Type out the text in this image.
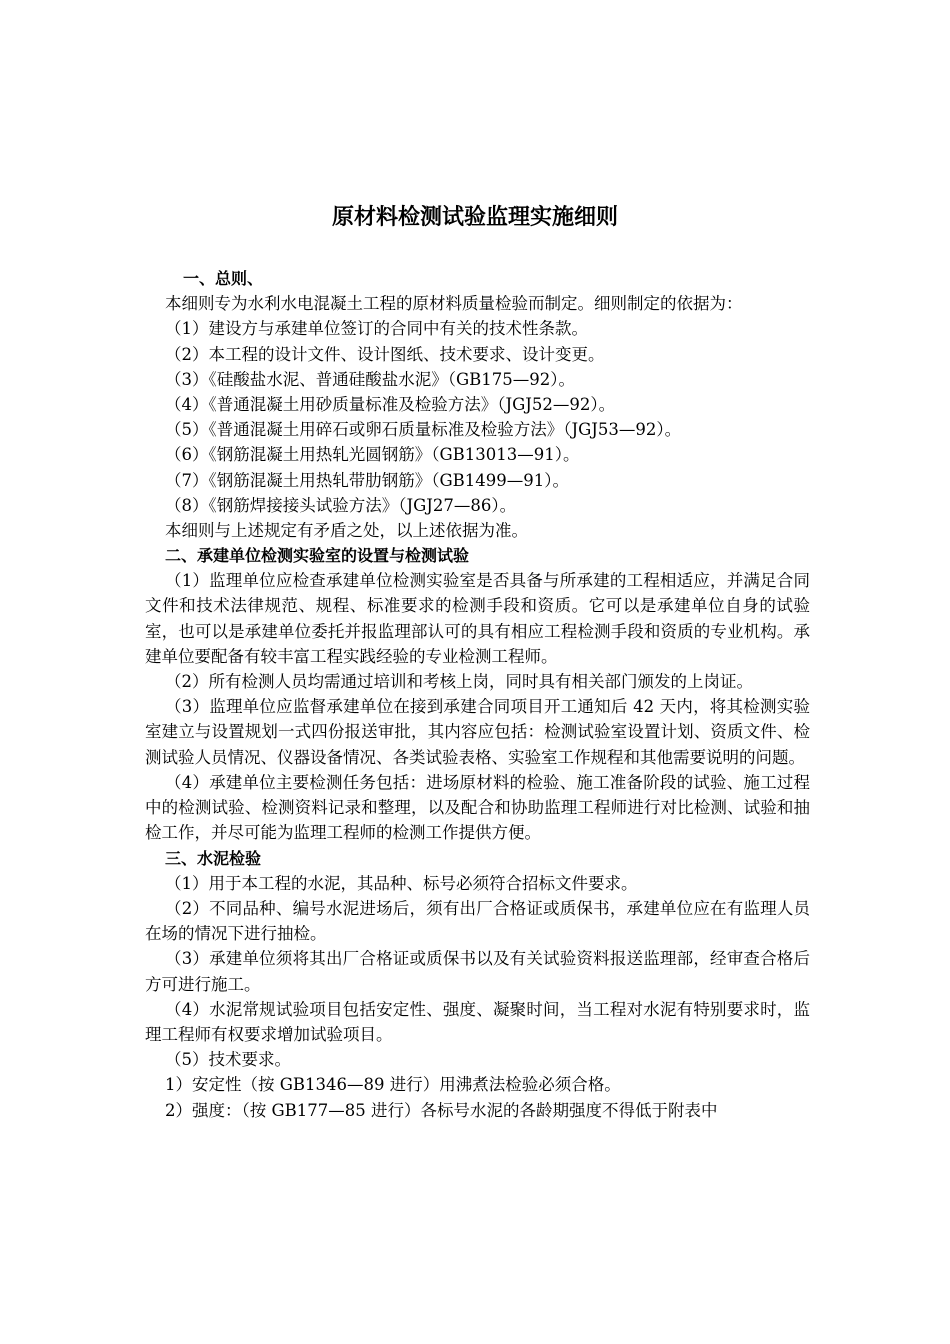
原材料检测试验监理实施细则

一、总则、

本细则专为水利水电混凝土工程的原材料质量检验而制定。细则制定的依据为：

（1）建设方与承建单位签订的合同中有关的技术性条款。

（2）本工程的设计文件、设计图纸、技术要求、设计变更。

（3）《硅酸盐水泥、普通硅酸盐水泥》（GB175—92）。

（4）《普通混凝土用砂质量标准及检验方法》（JGJ52—92）。

（5）《普通混凝土用碎石或卵石质量标准及检验方法》（JGJ53—92）。

（6）《钢筋混凝土用热轧光圆钢筋》（GB13013—91）。

（7）《钢筋混凝土用热轧带肋钢筋》（GB1499—91）。

（8）《钢筋焊接接头试验方法》（JGJ27—86）。

本细则与上述规定有矛盾之处，以上述依据为准。

二、承建单位检测实验室的设置与检测试验

（1）监理单位应检查承建单位检测实验室是否具备与所承建的工程相适应，并满足合同文件和技术法律规范、规程、标准要求的检测手段和资质。它可以是承建单位自身的试验室，也可以是承建单位委托并报监理部认可的具有相应工程检测手段和资质的专业机构。承建单位要配备有较丰富工程实践经验的专业检测工程师。

（2）所有检测人员均需通过培训和考核上岗，同时具有相关部门颁发的上岗证。

（3）监理单位应监督承建单位在接到承建合同项目开工通知后 42 天内，将其检测实验室建立与设置规划一式四份报送审批，其内容应包括：检测试验室设置计划、资质文件、检测试验人员情况、仪器设备情况、各类试验表格、实验室工作规程和其他需要说明的问题。

（4）承建单位主要检测任务包括：进场原材料的检验、施工准备阶段的试验、施工过程中的检测试验、检测资料记录和整理，以及配合和协助监理工程师进行对比检测、试验和抽检工作，并尽可能为监理工程师的检测工作提供方便。

三、水泥检验

（1）用于本工程的水泥，其品种、标号必须符合招标文件要求。

（2）不同品种、编号水泥进场后，须有出厂合格证或质保书，承建单位应在有监理人员在场的情况下进行抽检。

（3）承建单位须将其出厂合格证或质保书以及有关试验资料报送监理部，经审查合格后方可进行施工。

（4）水泥常规试验项目包括安定性、强度、凝聚时间，当工程对水泥有特别要求时，监理工程师有权要求增加试验项目。

（5）技术要求。

1）安定性（按 GB1346—89 进行）用沸煮法检验必须合格。

2）强度：（按 GB177—85 进行）各标号水泥的各龄期强度不得低于附表中
